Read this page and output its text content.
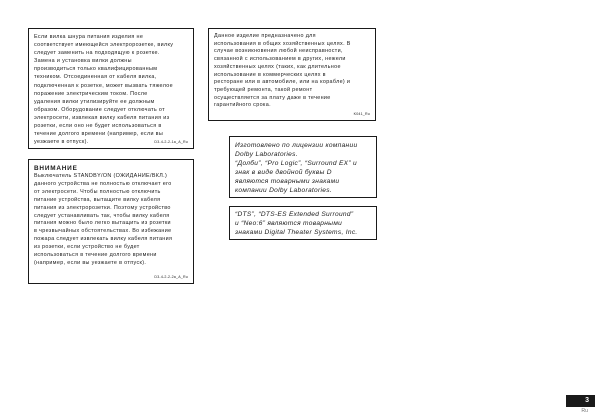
Если вилка шнура питания изделия не
соответствует имеющейся электророзетке, вилку
следует заменить на подходящую к розетке.
Замена и установка вилки должны
производиться только квалифицированным
техником. Отсоединенная от кабеля вилка,
подключенная к розетке, может вызвать тяжелое
поражение электрическим током. После
удаления вилки утилизируйте ее должным
образом. Оборудование следует отключать от
электросети, извлекая вилку кабеля питания из
розетки, если оно не будет использоваться в
течение долгого времени (например, если вы
уезжаете в отпуск).	D3-4-2-2-1a_A_Ru

ВНИМАНИЕ

Выключатель STANDBY/ON (ОЖИДАНИЕ/ВКЛ.)
данного устройства не полностью отключает его
от электросети. Чтобы полностью отключить
питание устройства, вытащите вилку кабеля
питания из электророзетки. Поэтому устройство
следует устанавливать так, чтобы вилку кабеля
питания можно было легко вытащить из розетки
в чрезвычайных обстоятельствах. Во избежание
пожара следует извлекать вилку кабеля питания
из розетки, если устройство не будет
использоваться в течение долгого времени
(например, если вы уезжаете в отпуск).

D3-4-2-2-2a_A_Ru

Данное изделие предназначено для
использования в общих хозяйственных целях. В
случае возникновения любой неисправности,
связанной с использованием в других, нежели
хозяйственных целях (таких, как длительное
использование в коммерческих целях в
ресторане или в автомобиле, или на корабле) и
требующей ремонта, такой ремонт
осуществляется за плату даже в течение
гарантийного срока.

K041_Ru

Изготовлено по лицензии компании
Dolby Laboratories.
“Долби”, “Pro Logic”, “Surround EX” и
знак в виде двойной буквы D
являются товарными знаками
компании Dolby Laboratories.

“DTS”, “DTS-ES Extended Surround”
и “Neo:6” являются товарными
знаками Digital Theater Systems, Inc.

3
Ru
